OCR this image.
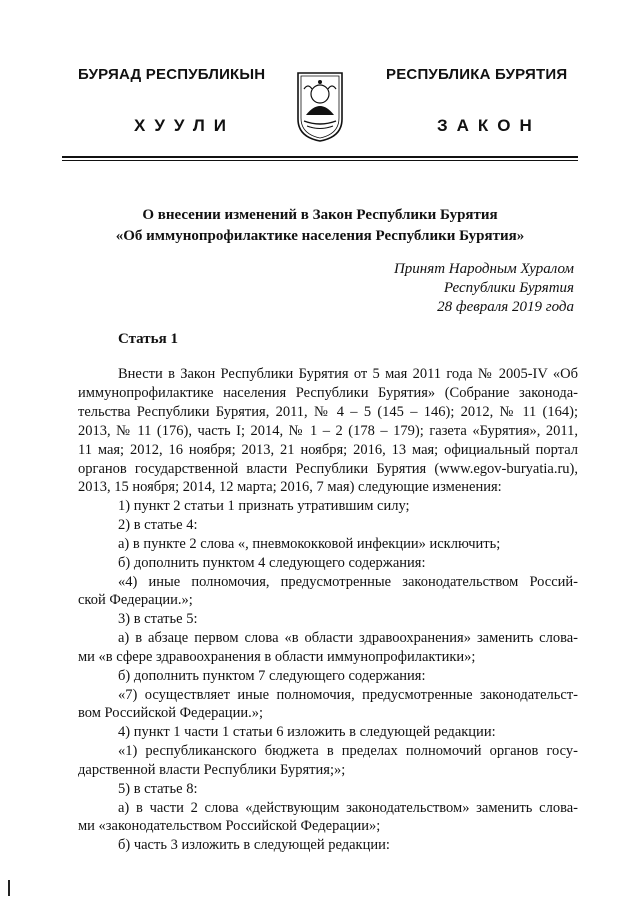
БУРЯАД РЕСПУБЛИКЫН	РЕСПУБЛИКА БУРЯТИЯ
ХУУЛИ	ЗАКОН
О внесении изменений в Закон Республики Бурятия
«Об иммунопрофилактике населения Республики Бурятия»
Принят Народным Хуралом
Республики Бурятия
28 февраля 2019 года
Статья 1
Внести в Закон Республики Бурятия от 5 мая 2011 года № 2005-IV «Об
иммунопрофилактике населения Республики Бурятия» (Собрание законода-
тельства Республики Бурятия, 2011, № 4 – 5 (145 – 146); 2012, № 11 (164);
2013, № 11 (176), часть I; 2014, № 1 – 2 (178 – 179); газета «Бурятия», 2011,
11 мая; 2012, 16 ноября; 2013, 21 ноября; 2016, 13 мая; официальный портал
органов государственной власти Республики Бурятия (www.egov-buryatia.ru),
2013, 15 ноября; 2014, 12 марта; 2016, 7 мая) следующие изменения:
1) пункт 2 статьи 1 признать утратившим силу;
2) в статье 4:
а) в пункте 2 слова «, пневмококковой инфекции» исключить;
б) дополнить пунктом 4 следующего содержания:
«4) иные полномочия, предусмотренные законодательством Россий-
ской Федерации.»;
3) в статье 5:
а) в абзаце первом слова «в области здравоохранения» заменить слова-
ми «в сфере здравоохранения в области иммунопрофилактики»;
б) дополнить пунктом 7 следующего содержания:
«7) осуществляет иные полномочия, предусмотренные законодательст-
вом Российской Федерации.»;
4) пункт 1 части 1 статьи 6 изложить в следующей редакции:
«1) республиканского бюджета в пределах полномочий органов госу-
дарственной власти Республики Бурятия;»;
5) в статье 8:
а) в части 2 слова «действующим законодательством» заменить слова-
ми «законодательством Российской Федерации»;
б) часть 3 изложить в следующей редакции:
